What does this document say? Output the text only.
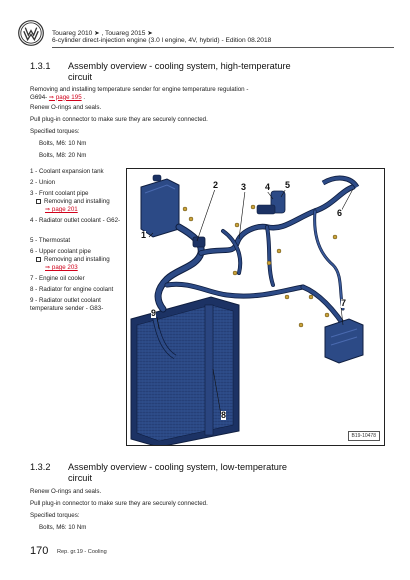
Touareg 2010 ➤ , Touareg 2015 ➤
6-cylinder direct-injection engine (3.0 l engine, 4V, hybrid) - Edition 08.2018
1.3.1 Assembly overview - cooling system, high-temperature circuit
Removing and installing temperature sender for engine temperature regulation - G694- ⇒ page 195 .
Renew O-rings and seals.
Pull plug-in connector to make sure they are securely connected.
Specified torques:
Bolts, M6: 10 Nm
Bolts, M8: 20 Nm
1 - Coolant expansion tank
2 - Union
3 - Front coolant pipe
Removing and installing
⇒ page 201
4 - Radiator outlet coolant - G62-
5 - Thermostat
6 - Upper coolant pipe
Removing and installing
⇒ page 203
7 - Engine oil cooler
8 - Radiator for engine coolant
9 - Radiator outlet coolant temperature sender - G83-
1
2	3 4 5
6
7
8
9
B19-10478
1.3.2 Assembly overview - cooling system, low-temperature circuit
Renew O-rings and seals.
Pull plug-in connector to make sure they are securely connected.
Specified torques:
Bolts, M6: 10 Nm
170 Rep. gr.19 - Cooling
